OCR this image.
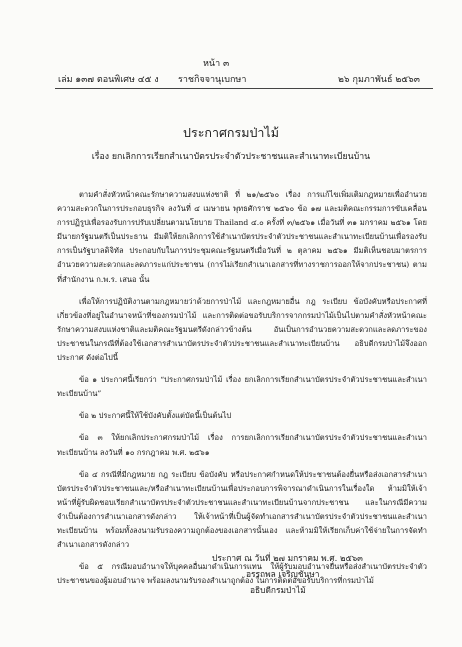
หน้า ๓
เล่ม ๑๓๗ ตอนพิเศษ ๔๕ ง ราชกิจจานุเบกษา	๒๖ กุมภาพันธ์ ๒๕๖๓
ประกาศกรมป่าไม้
เรื่อง ยกเลิกการเรียกสำเนาบัตรประจำตัวประชาชนและสำเนาทะเบียนบ้าน

ตามคำสั่งหัวหน้าคณะรักษาความสงบแห่งชาติ ที่ ๒๑/๒๕๖๐ เรื่อง การแก้ไขเพิ่มเติมกฎหมายเพื่ออำนวยความสะดวกในการประกอบธุรกิจ ลงวันที่ ๔ เมษายน พุทธศักราช ๒๕๖๐ ข้อ ๑๗ และมติคณะกรรมการขับเคลื่อนการปฏิรูปเพื่อรองรับการปรับเปลี่ยนตามนโยบาย Thailand ๔.๐ ครั้งที่ ๓/๒๕๖๑ เมื่อวันที่ ๓๑ มกราคม ๒๕๖๑ โดยมีนายกรัฐมนตรีเป็นประธาน มีมติให้ยกเลิกการใช้สำเนาบัตรประจำตัวประชาชนและสำเนาทะเบียนบ้านเพื่อรองรับการเป็นรัฐบาลดิจิทัล ประกอบกับในการประชุมคณะรัฐมนตรีเมื่อวันที่ ๒ ตุลาคม ๒๕๖๑ มีมติเห็นชอบมาตรการอำนวยความสะดวกและลดภาระแก่ประชาชน (การไม่เรียกสำเนาเอกสารที่ทางราชการออกให้จากประชาชน) ตามที่สำนักงาน ก.พ.ร. เสนอ นั้น

เพื่อให้การปฏิบัติงานตามกฎหมายว่าด้วยการป่าไม้ และกฎหมายอื่น กฎ ระเบียบ ข้อบังคับหรือประกาศที่เกี่ยวข้องที่อยู่ในอำนาจหน้าที่ของกรมป่าไม้ และการติดต่อขอรับบริการจากกรมป่าไม้เป็นไปตามคำสั่งหัวหน้าคณะรักษาความสงบแห่งชาติและมติคณะรัฐมนตรีดังกล่าวข้างต้น อันเป็นการอำนวยความสะดวกและลดภาระของประชาชนในกรณีที่ต้องใช้เอกสารสำเนาบัตรประจำตัวประชาชนและสำเนาทะเบียนบ้าน อธิบดีกรมป่าไม้จึงออกประกาศ ดังต่อไปนี้

ข้อ ๑ ประกาศนี้เรียกว่า “ประกาศกรมป่าไม้ เรื่อง ยกเลิกการเรียกสำเนาบัตรประจำตัวประชาชนและสำเนาทะเบียนบ้าน”

ข้อ ๒ ประกาศนี้ให้ใช้บังคับตั้งแต่บัดนี้เป็นต้นไป

ข้อ ๓ ให้ยกเลิกประกาศกรมป่าไม้ เรื่อง การยกเลิกการเรียกสำเนาบัตรประจำตัวประชาชนและสำเนาทะเบียนบ้าน ลงวันที่ ๑๐ กรกฎาคม พ.ศ. ๒๕๖๑

ข้อ ๔ กรณีที่มีกฎหมาย กฎ ระเบียบ ข้อบังคับ หรือประกาศกำหนดให้ประชาชนต้องยื่นหรือส่งเอกสารสำเนาบัตรประจำตัวประชาชนและ/หรือสำเนาทะเบียนบ้านเพื่อประกอบการพิจารณาดำเนินการในเรื่องใด ห้ามมิให้เจ้าหน้าที่ผู้รับผิดชอบเรียกสำเนาบัตรประจำตัวประชาชนและสำเนาทะเบียนบ้านจากประชาชน และในกรณีมีความจำเป็นต้องการสำเนาเอกสารดังกล่าว ให้เจ้าหน้าที่เป็นผู้จัดทำเอกสารสำเนาบัตรประจำตัวประชาชนและสำเนาทะเบียนบ้าน พร้อมทั้งลงนามรับรองความถูกต้องของเอกสารนั้นเอง และห้ามมิให้เรียกเก็บค่าใช้จ่ายในการจัดทำสำเนาเอกสารดังกล่าว

ข้อ ๕ กรณีมอบอำนาจให้บุคคลอื่นมาดำเนินการแทน ให้ผู้รับมอบอำนาจยื่นหรือส่งสำเนาบัตรประจำตัวประชาชนของผู้มอบอำนาจ พร้อมลงนามรับรองสำเนาถูกต้อง ในการติดต่อขอรับบริการที่กรมป่าไม้

ประกาศ ณ วันที่ ๒๗ มกราคม พ.ศ. ๒๕๖๓
อรรถพล เจริญชันษา
อธิบดีกรมป่าไม้
